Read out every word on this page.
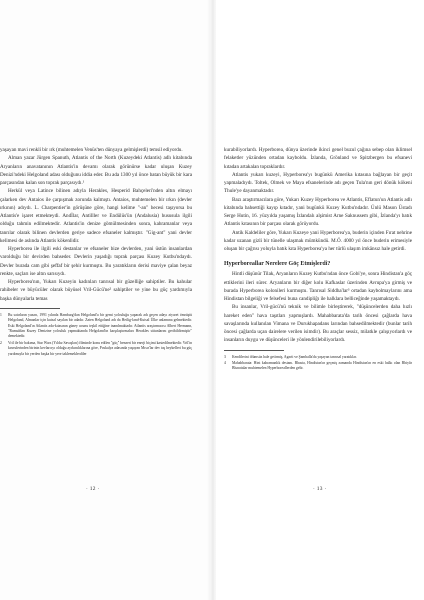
yaşayan mavi renkli bir ırk (muhtemelen Venüs'ten dünyaya gelmişlerdi) temsil ediyordu.

Alman yazar Jürgen Spanuth, Atlantis of the North (Kuzeydeki Atlantis) adlı kitabında Aryanların anavatanının Atlantis'in devamı olarak görünürse kadar uluşan Kuzey Denizi'ndeki Helgoland adası olduğunu iddia eder. Bu ada 1300 yıl önce batan büyük bir kara parçasından kalan son toprak parçasıydı.¹

Herkül veya Latince bilinen adıyla Herakles, Hesperid Bahçeleri'nden altın elmayı çalarken dev Antaios ile çarpışmak zorunda kalmıştı. Antaios, muhtemelen bir ırkın (devler ırkının) adıydı. L. Charpentier'in görüşüne göre, hangi kelime "-an" hecesi taşıyorsa bu Atlantis'e işaret etmekteydi. Andİlar, Antilller ve Endülüs'ün (Andalusia) hususula ilgili olduğu tahmin edilmektedir. Atlantis'in denize gömülmesinden sonra, kahramanlar veya tanrılar olarak bilinen devlerden geriye sadece efsaneler kalmıştır. "Gig-ant" yani devler kelimesi de aslında Atlantis kökenlidir.

Hyperborea ile ilgili eski destanlar ve efsaneler bize devlerden, yani üstün insanlardan varolduğu bir devirden bahseder. Devlerin yaşadığı toprak parçası Kuzey Kutbu'ndaydı. Devler burada cam gibi şeffaf bir şehir kurmuştu. Bu yaratıkların derisi maviye çalan beyaz renkte, saçları ise altın sarısıydı.

Hyperborea'nın, Yukarı Kuzeyin kadınları tanrısal bir güzelliğe sahiptiler. Bu kahular rahibeler ve büyücüler olarak büyüsel Vril-Gücü'ne² sahiptiler ve yine bu güç yardımıyla başka dünyalarla temas

1	Bu satırların yazarı, 1991 yılında Hamburg'dan Helgoland'a bir gemi yolculuğu yaparak adı geçen adayı ziyaret ömrüştü Helgoland, Almanlar için kutsal sayılan bir adadır. Zaten Helgoland adı da Heilig-land-Kutsal Ülke anlamına gelmektedir. Eski Helgoland'ın Atlantis ada-kıtasının güney ucunu teşkil ettiğine inanılmaktadır. Atlantis araştırmacısı Albert Hermann, "Rumuldan Kuzey Denizine yolculuk yapmaktanda Helgoland'ın karşılaştırmaları Herakles sütunlarını geribildirmiştir" demektedir.
2	Vril ile bir bakıma, Star Wars (Yıldız Savaşları) filminde konu edilen "güç" benzeri bir enerji biçimi kastedilmektedir. Vril'in kavrulerinden birinin kevlarcıyı olduğu ayrkınılıklarına göre, Poskalya adasında yaşayan Mısır'lar dev taş heykelleri bu güç yardımıyla bir yerden başka bir yere taklemeklerdiler
· 12 ·

kurabiliyorlardı. Hyperborea, dünya üzerinde ikinci genel buzul çağına sebep olan iklimsel felaketler yüzünden ortadan kayboldu. İzlanda, Grönland ve Spitzbergen bu efsanevi kıtadan artakalan topraklardır.

Atlantis yukarı kuzeyi, Hyperborea'yı bugünkü Amerika kıtasına bağlayan bir geçit yapmaladıydı. Toltek, Olmek ve Maya efsanelerinde adı geçen Tula'nın geri dönük kökeni Thule'ye dayanmaktadır.

Bazı araştırmacılara göre, Yukarı Kuzey Hyperborea ve Atlantis, Eflatun'un Atlantis adlı kitabında bahsettiği kayıp kıtadır, yani bugünkü Kuzey Kutbu'ndadır. Ünlü Mason Üstadı Serge Hutin, 16. yüzyılda yaşamış İzlandalı alşimist Arne Saknussem gibi, İzlanda'yı batık Atlantis kıtasının bir parçası olarak görüyordu.

Antik Kaldeliler göre, Yukarı Kuzeye yani Hyperborea'ya, buderin içinden Fırat nehrine kadar uzanan gizli bir tünelle ulaşmak mümkündü. M.Ö. 4000 yıl önce buderin erimesiyle oluşan bir çağrısı yoluyla batık kıta Hyperborea'ya her türlü ulaşım imkânsız hale getirdi.

Hyperboreallar Nerelere Göç Etmişlerdi?

Hintli düşünür Tilak, Aryanların Kuzey Kutbu'ndan önce Gobi'ye, sonra Hindistan'a göç ettiklerini ileri sürer. Aryanların bir diğer kolu Kafkaslar üzerinden Avrupa'ya girmiş ve burada Hyperborea kolonileri kurmuştu. Tanrısal Siddha'lar³ ortadan kaybolmaylarını ama Hindistan bilgeliği ve felsefesi buna candipliğı ile halklara belliceğinde yaşamaktaydı.

Bu insanlar, Vril-gücü'nü teknik ve bilimle birleştirerek, "düşüncelerden daha hızlı hareket eden" hava taşıtları yapmışlardı. Mahabbarata'da tarih öncesi çağlarda hava savaşlarında kullanılan Vimana ve Durukhapadans larından bahsedilmektedir (bunlar tarih öncesi çağlarda uçan dairelere verilen isimdir). Bu araçlar sessiz, milatkle çalışıyorlardı ve insanların duygu ve düşünceleri ile yönlendirilebiliyorlardı.

3	Kendilerini ölümsüz hale getirmiş, Agarti ve Şamballa'da yaşayan tanrısal yaratıklar.
4	Mahabbarata: Hint kahramanlık destanı. Bhasta, Hindistan'ın geçmiş zamanda Hindistan'ın en eski halkı olan Bhiyûr Bharatalar muhtemelen Hyperboreallerden gelir.
· 13 ·
